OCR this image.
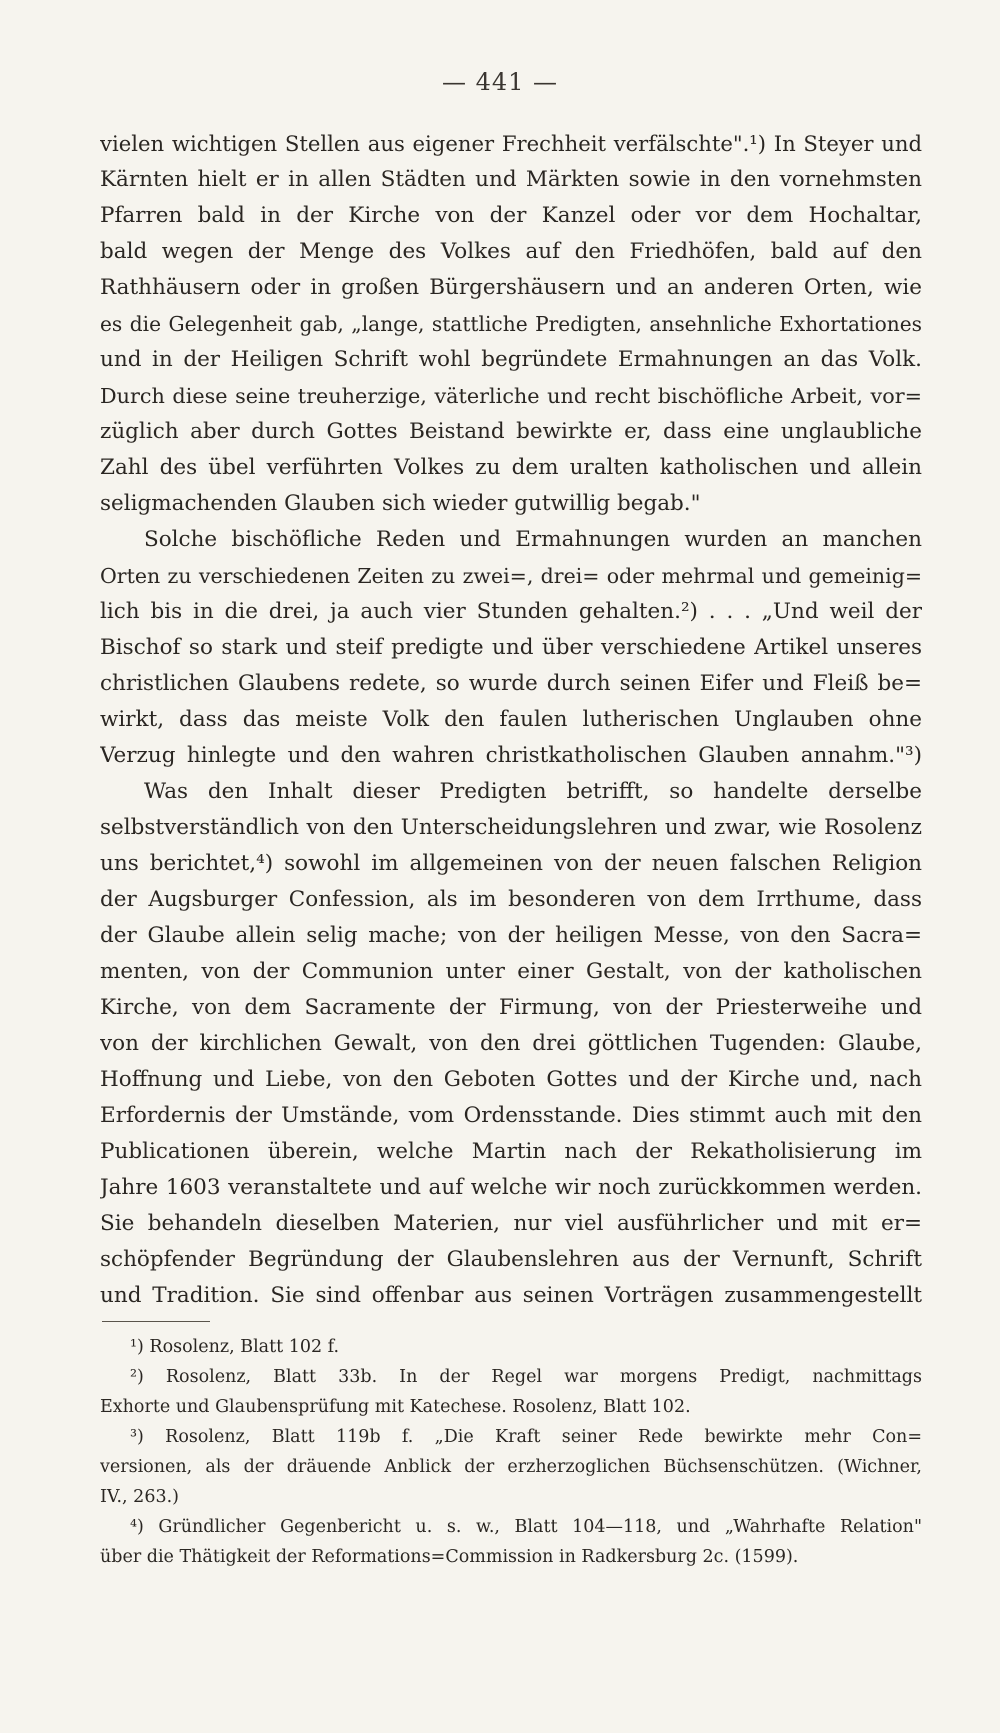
— 441 —
vielen wichtigen Stellen aus eigener Frechheit verfälschte".¹) In Steyer und
Kärnten hielt er in allen Städten und Märkten sowie in den vornehmsten
Pfarren bald in der Kirche von der Kanzel oder vor dem Hochaltar,
bald wegen der Menge des Volkes auf den Friedhöfen, bald auf den
Rathhäusern oder in großen Bürgershäusern und an anderen Orten, wie
es die Gelegenheit gab, „lange, stattliche Predigten, ansehnliche Exhortationes
und in der Heiligen Schrift wohl begründete Ermahnungen an das Volk.
Durch diese seine treuherzige, väterliche und recht bischöfliche Arbeit, vor=
züglich aber durch Gottes Beistand bewirkte er, dass eine unglaubliche
Zahl des übel verführten Volkes zu dem uralten katholischen und allein
seligmachenden Glauben sich wieder gutwillig begab."
Solche bischöfliche Reden und Ermahnungen wurden an manchen
Orten zu verschiedenen Zeiten zu zwei=, drei= oder mehrmal und gemeinig=
lich bis in die drei, ja auch vier Stunden gehalten.²) . . . „Und weil der
Bischof so stark und steif predigte und über verschiedene Artikel unseres
christlichen Glaubens redete, so wurde durch seinen Eifer und Fleiß be=
wirkt, dass das meiste Volk den faulen lutherischen Unglauben ohne
Verzug hinlegte und den wahren christkatholischen Glauben annahm."³)
Was den Inhalt dieser Predigten betrifft, so handelte derselbe
selbstverständlich von den Unterscheidungslehren und zwar, wie Rosolenz
uns berichtet,⁴) sowohl im allgemeinen von der neuen falschen Religion
der Augsburger Confession, als im besonderen von dem Irrthume, dass
der Glaube allein selig mache; von der heiligen Messe, von den Sacra=
menten, von der Communion unter einer Gestalt, von der katholischen
Kirche, von dem Sacramente der Firmung, von der Priesterweihe und
von der kirchlichen Gewalt, von den drei göttlichen Tugenden: Glaube,
Hoffnung und Liebe, von den Geboten Gottes und der Kirche und, nach
Erfordernis der Umstände, vom Ordensstande. Dies stimmt auch mit den
Publicationen überein, welche Martin nach der Rekatholisierung im
Jahre 1603 veranstaltete und auf welche wir noch zurückkommen werden.
Sie behandeln dieselben Materien, nur viel ausführlicher und mit er=
schöpfender Begründung der Glaubenslehren aus der Vernunft, Schrift
und Tradition. Sie sind offenbar aus seinen Vorträgen zusammengestellt
¹) Rosolenz, Blatt 102 f.
²) Rosolenz, Blatt 33b. In der Regel war morgens Predigt, nachmittags
Exhorte und Glaubensprüfung mit Katechese. Rosolenz, Blatt 102.
³) Rosolenz, Blatt 119b f. „Die Kraft seiner Rede bewirkte mehr Con=
versionen, als der dräuende Anblick der erzherzoglichen Büchsenschützen. (Wichner,
IV., 263.)
⁴) Gründlicher Gegenbericht u. s. w., Blatt 104—118, und „Wahrhafte Relation"
über die Thätigkeit der Reformations=Commission in Radkersburg 2c. (1599).
